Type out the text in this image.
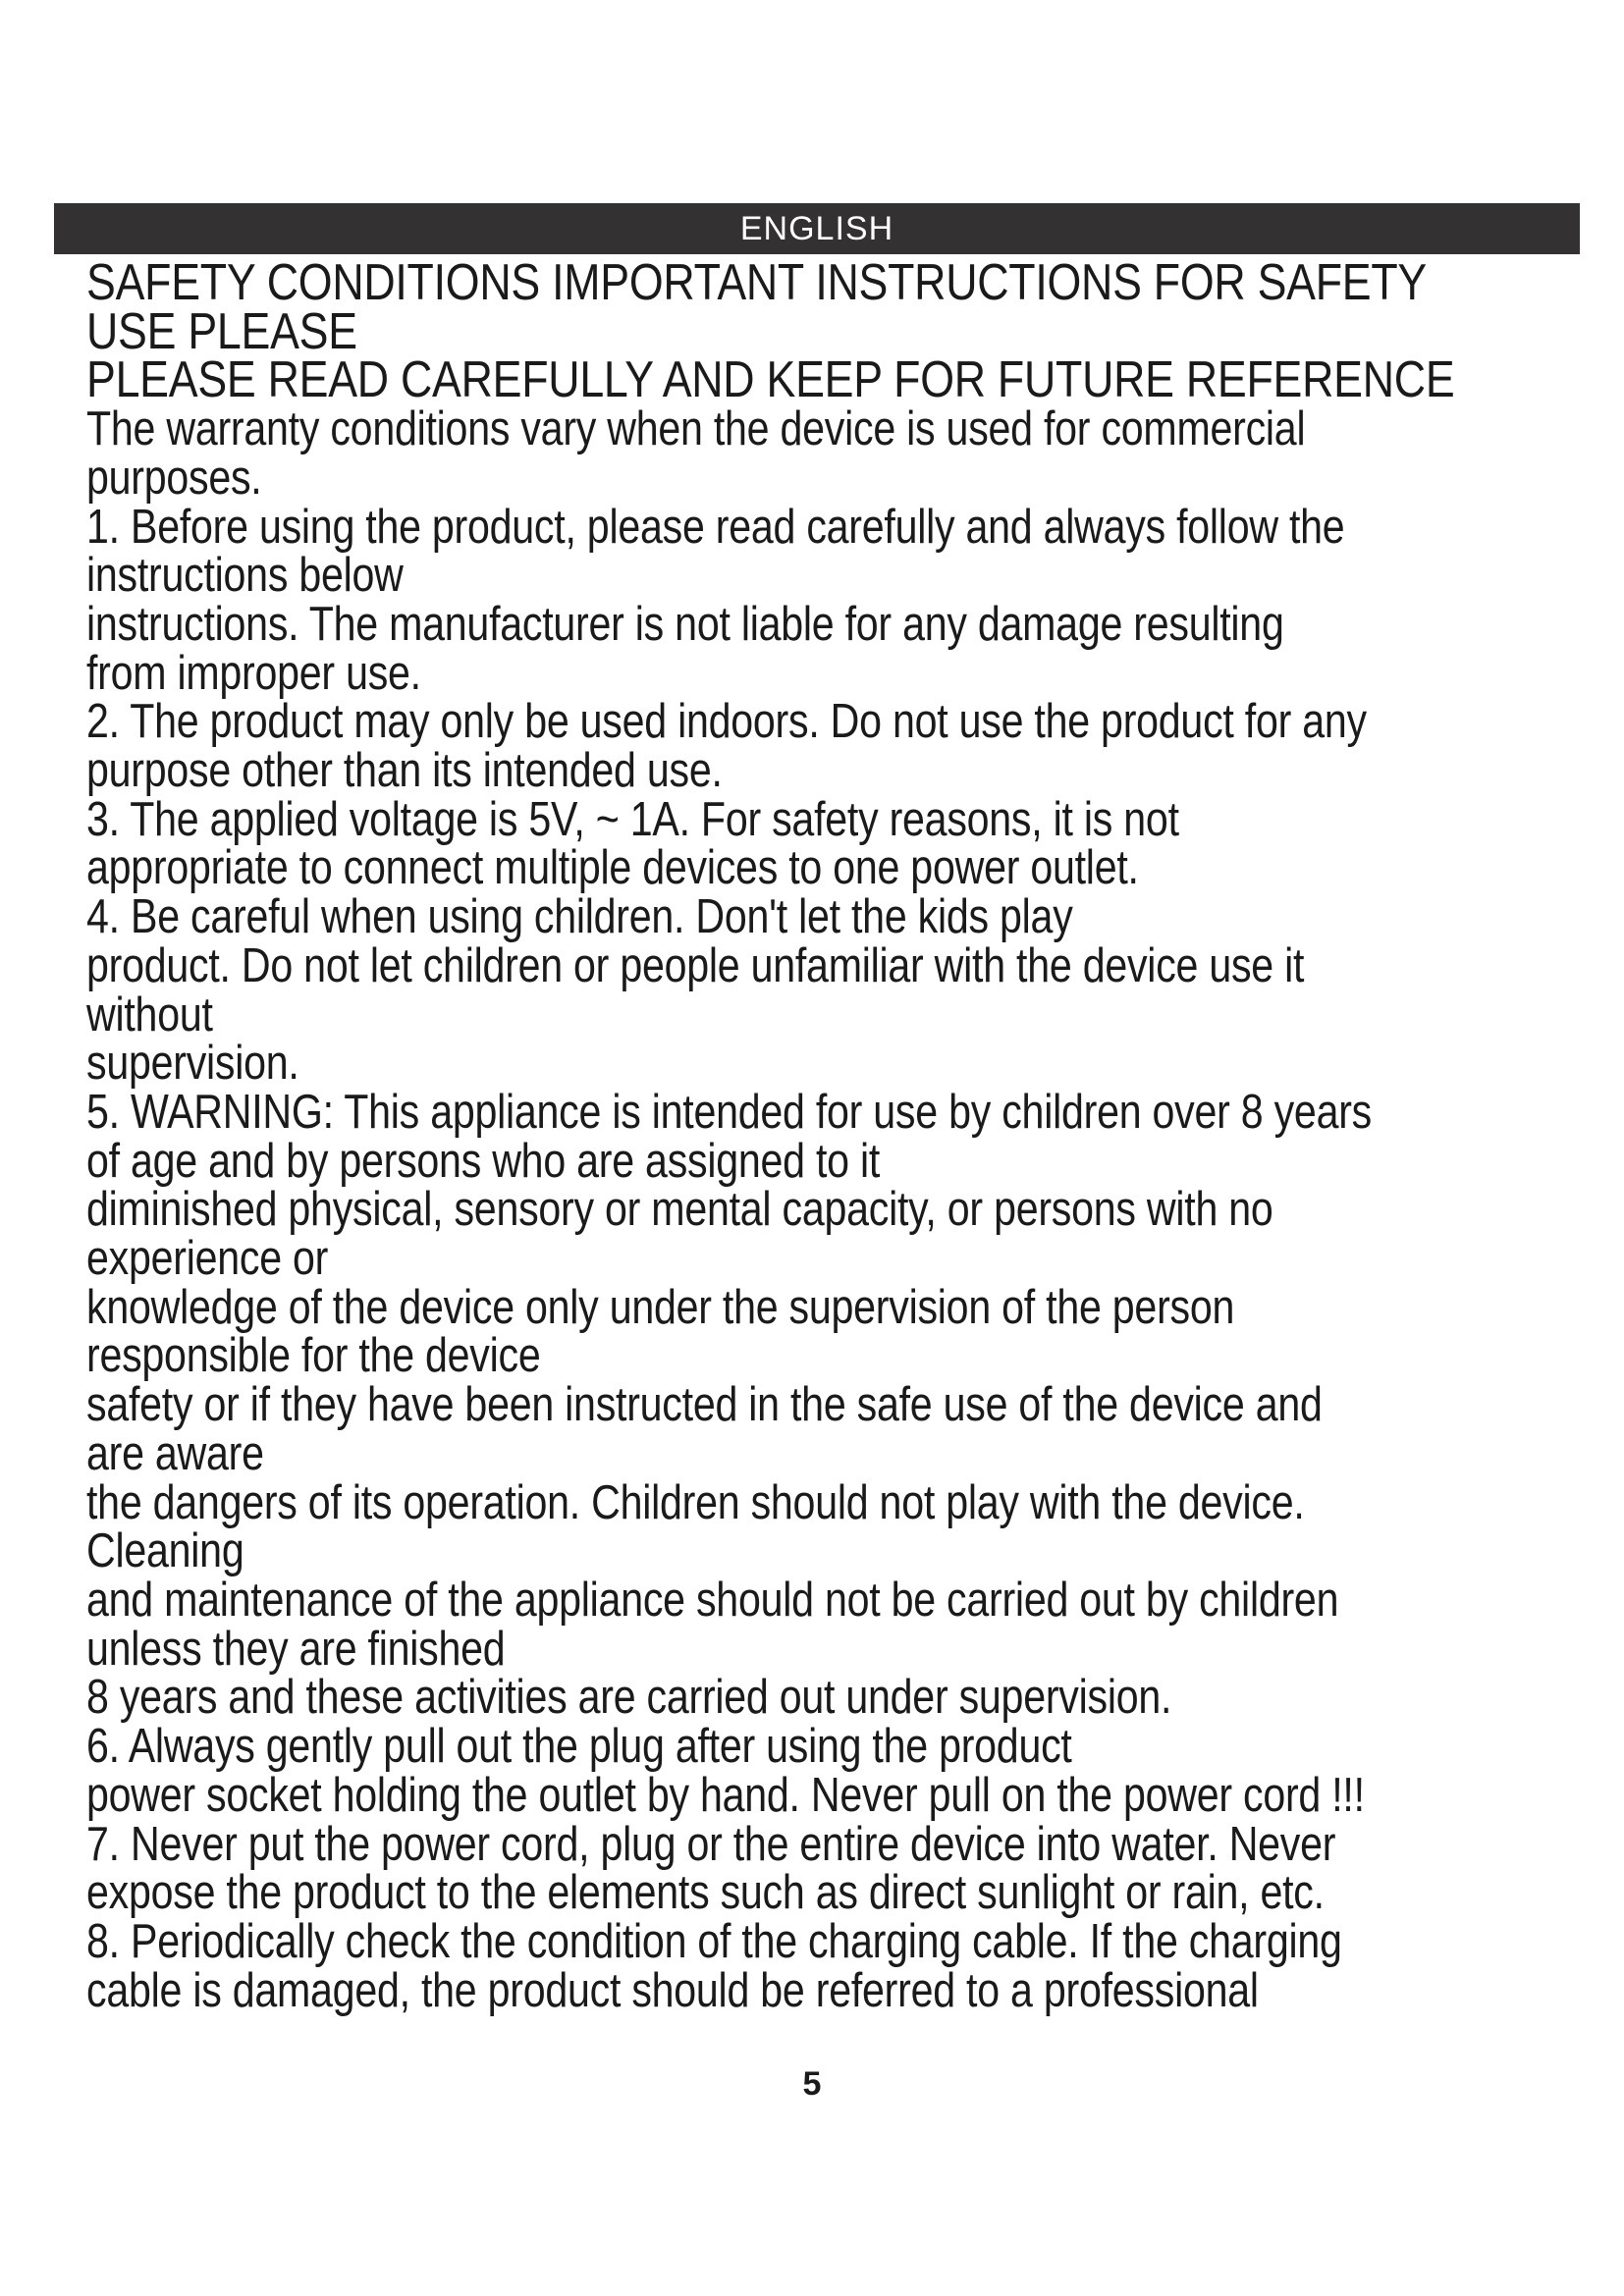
ENGLISH
SAFETY CONDITIONS IMPORTANT INSTRUCTIONS FOR SAFETY
USE PLEASE
PLEASE READ CAREFULLY AND KEEP FOR FUTURE REFERENCE
The warranty conditions vary when the device is used for commercial
purposes.
1. Before using the product, please read carefully and always follow the
instructions below
instructions. The manufacturer is not liable for any damage resulting
from improper use.
2. The product may only be used indoors. Do not use the product for any
purpose other than its intended use.
3. The applied voltage is 5V, ~ 1A. For safety reasons, it is not
appropriate to connect multiple devices to one power outlet.
4. Be careful when using children. Don't let the kids play
product. Do not let children or people unfamiliar with the device use it
without
supervision.
5. WARNING: This appliance is intended for use by children over 8 years
of age and by persons who are assigned to it
diminished physical, sensory or mental capacity, or persons with no
experience or
knowledge of the device only under the supervision of the person
responsible for the device
safety or if they have been instructed in the safe use of the device and
are aware
the dangers of its operation. Children should not play with the device.
Cleaning
and maintenance of the appliance should not be carried out by children
unless they are finished
8 years and these activities are carried out under supervision.
6. Always gently pull out the plug after using the product
power socket holding the outlet by hand. Never pull on the power cord !!!
7. Never put the power cord, plug or the entire device into water. Never
expose the product to the elements such as direct sunlight or rain, etc.
8. Periodically check the condition of the charging cable. If the charging
cable is damaged, the product should be referred to a professional
5
